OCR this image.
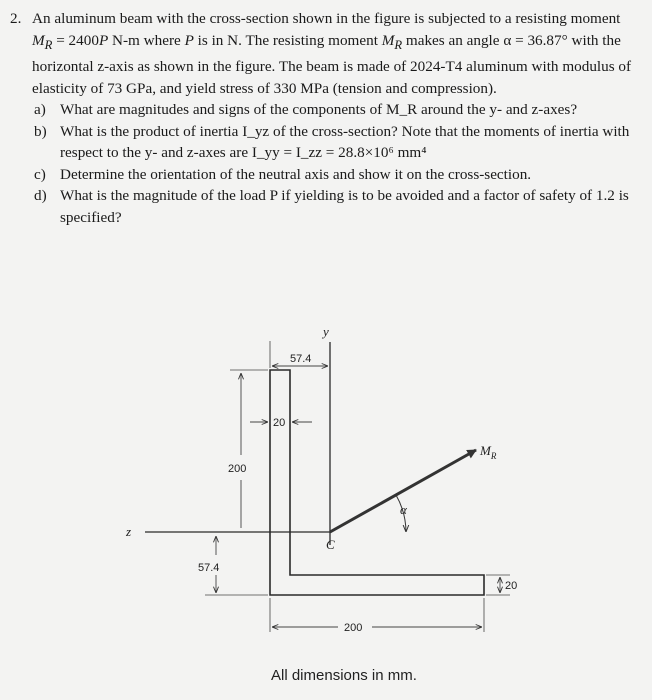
2. An aluminum beam with the cross-section shown in the figure is subjected to a resisting moment $M_R = 2400P$ N-m where P is in N. The resisting moment $M_R$ makes an angle α = 36.87° with the horizontal z-axis as shown in the figure. The beam is made of 2024-T4 aluminum with modulus of elasticity of 73 GPa, and yield stress of 330 MPa (tension and compression).
a) What are magnitudes and signs of the components of M_R around the y- and z-axes?
b) What is the product of inertia I_yz of the cross-section? Note that the moments of inertia with respect to the y- and z-axes are I_yy = I_zz = 28.8×10⁶ mm⁴
c) Determine the orientation of the neutral axis and show it on the cross-section.
d) What is the magnitude of the load P if yielding is to be avoided and a factor of safety of 1.2 is specified?
y
z
C
$M_R$
α
57.4
20
200
57.4
20
200
All dimensions in mm.
